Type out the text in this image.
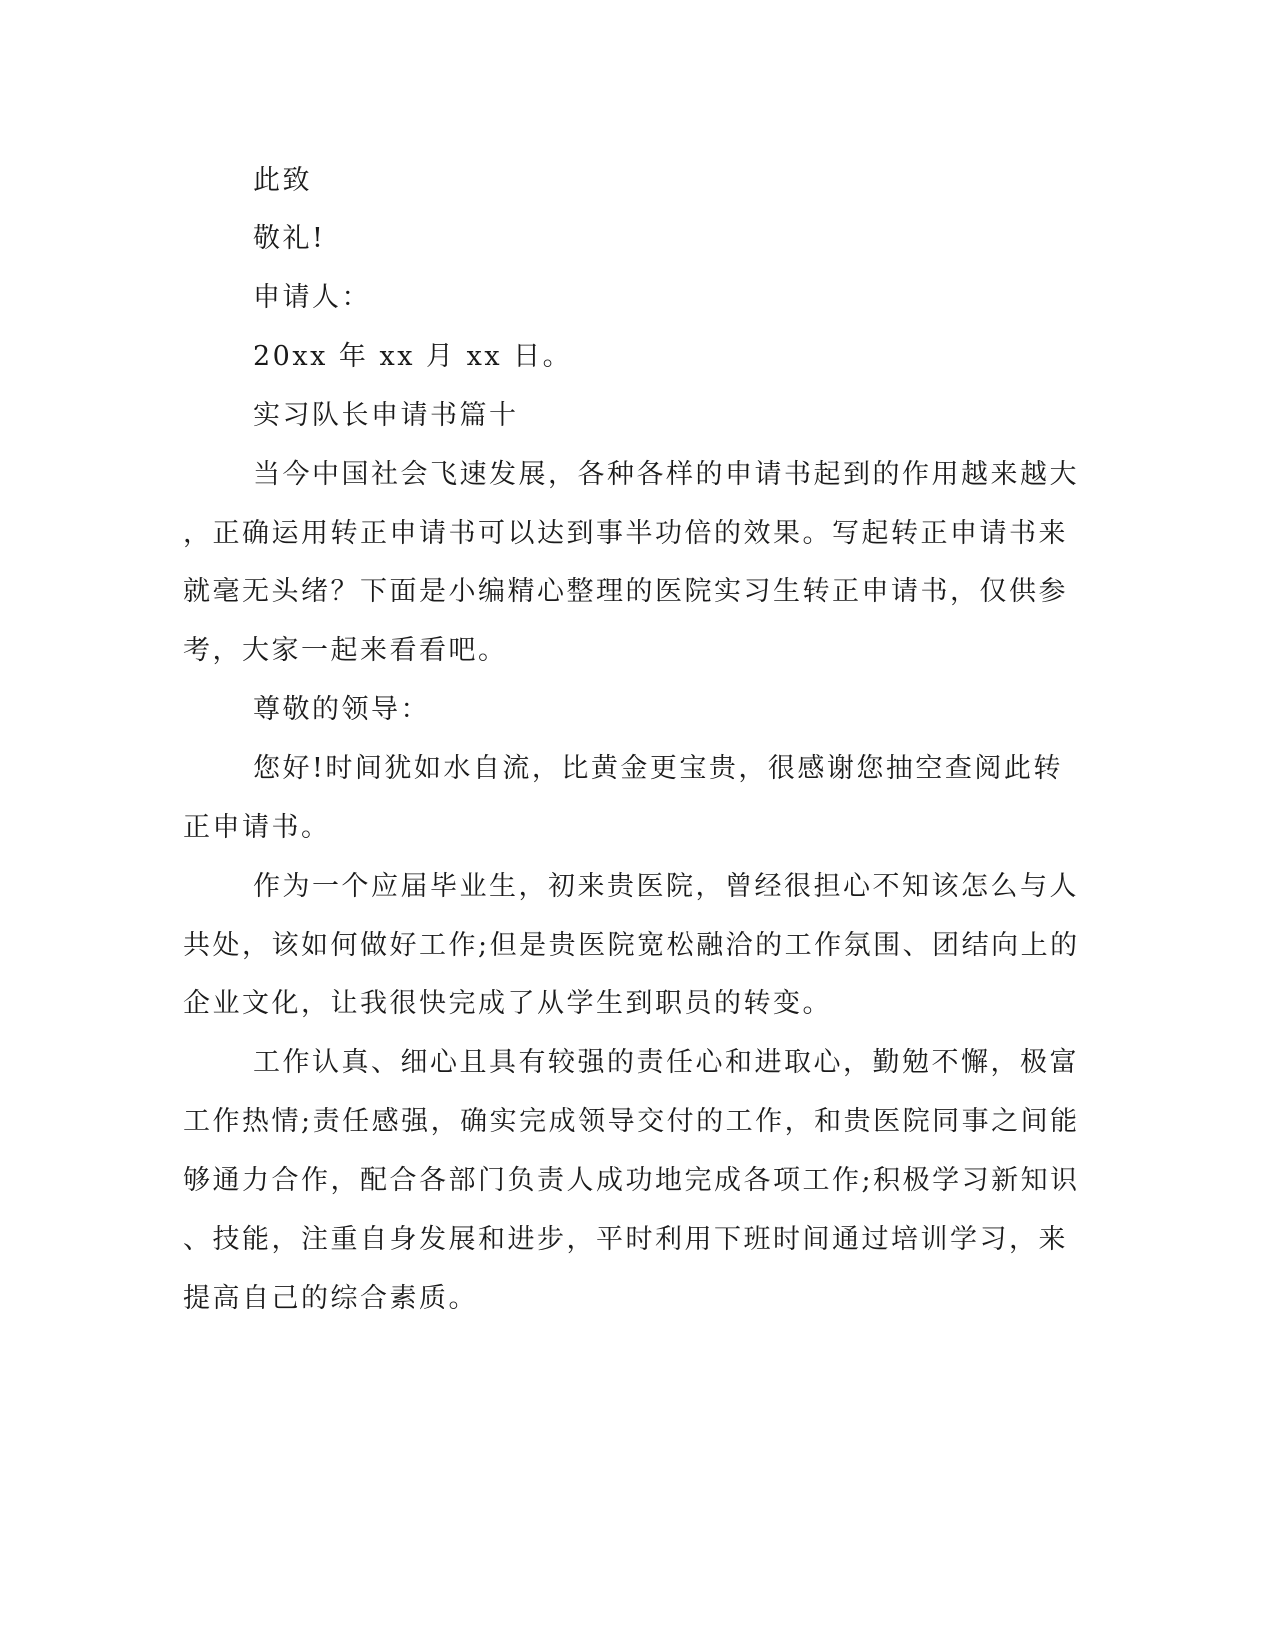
此致

敬礼!

申请人：

20xx 年 xx 月 xx 日。

实习队长申请书篇十

当今中国社会飞速发展，各种各样的申请书起到的作用越来越大

，正确运用转正申请书可以达到事半功倍的效果。写起转正申请书来

就毫无头绪？下面是小编精心整理的医院实习生转正申请书，仅供参

考，大家一起来看看吧。

尊敬的领导：

您好!时间犹如水自流，比黄金更宝贵，很感谢您抽空查阅此转

正申请书。

作为一个应届毕业生，初来贵医院，曾经很担心不知该怎么与人

共处，该如何做好工作;但是贵医院宽松融洽的工作氛围、团结向上的

企业文化，让我很快完成了从学生到职员的转变。

工作认真、细心且具有较强的责任心和进取心，勤勉不懈，极富

工作热情;责任感强，确实完成领导交付的工作，和贵医院同事之间能

够通力合作，配合各部门负责人成功地完成各项工作;积极学习新知识

、技能，注重自身发展和进步，平时利用下班时间通过培训学习，来

提高自己的综合素质。
